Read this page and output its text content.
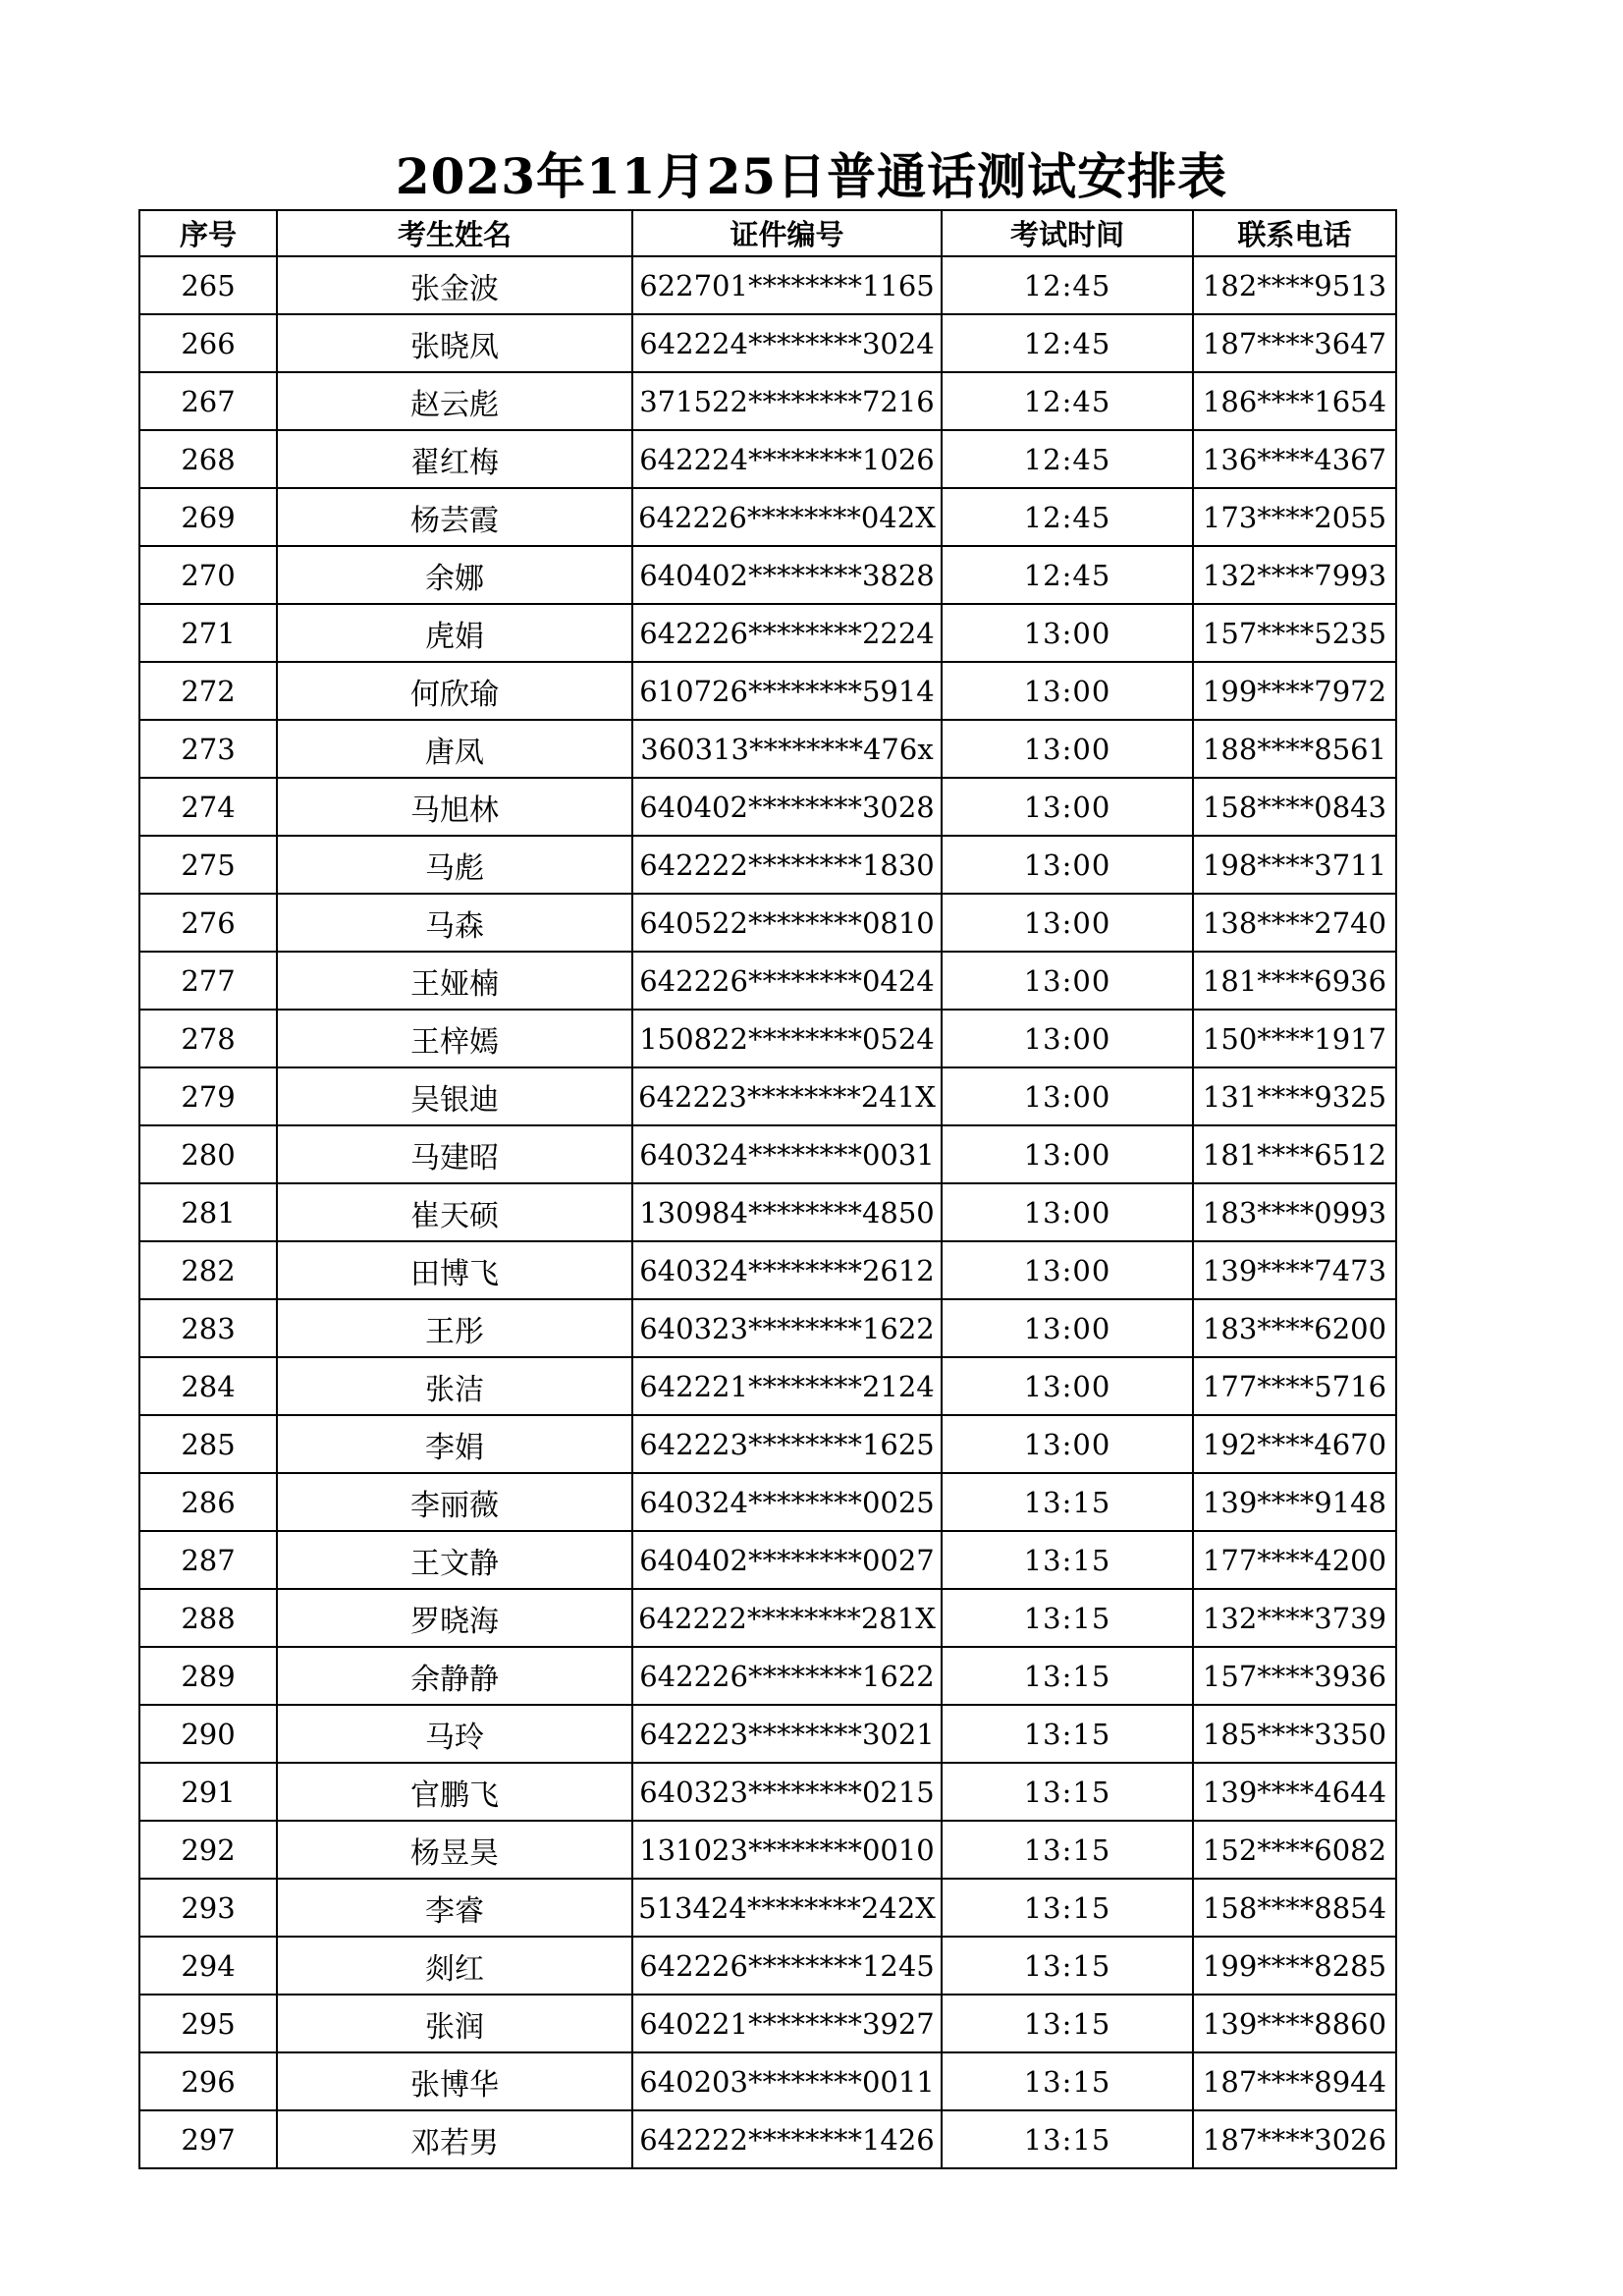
2023年11月25日普通话测试安排表
序号	考生姓名	证件编号	考试时间	联系电话
265	张金波	622701********1165	12:45	182****9513
266	张晓凤	642224********3024	12:45	187****3647
267	赵云彪	371522********7216	12:45	186****1654
268	翟红梅	642224********1026	12:45	136****4367
269	杨芸霞	642226********042X	12:45	173****2055
270	余娜	640402********3828	12:45	132****7993
271	虎娟	642226********2224	13:00	157****5235
272	何欣瑜	610726********5914	13:00	199****7972
273	唐凤	360313********476x	13:00	188****8561
274	马旭林	640402********3028	13:00	158****0843
275	马彪	642222********1830	13:00	198****3711
276	马森	640522********0810	13:00	138****2740
277	王娅楠	642226********0424	13:00	181****6936
278	王梓嫣	150822********0524	13:00	150****1917
279	吴银迪	642223********241X	13:00	131****9325
280	马建昭	640324********0031	13:00	181****6512
281	崔天硕	130984********4850	13:00	183****0993
282	田博飞	640324********2612	13:00	139****7473
283	王彤	640323********1622	13:00	183****6200
284	张洁	642221********2124	13:00	177****5716
285	李娟	642223********1625	13:00	192****4670
286	李丽薇	640324********0025	13:15	139****9148
287	王文静	640402********0027	13:15	177****4200
288	罗晓海	642222********281X	13:15	132****3739
289	余静静	642226********1622	13:15	157****3936
290	马玲	642223********3021	13:15	185****3350
291	官鹏飞	640323********0215	13:15	139****4644
292	杨昱昊	131023********0010	13:15	152****6082
293	李睿	513424********242X	13:15	158****8854
294	剡红	642226********1245	13:15	199****8285
295	张润	640221********3927	13:15	139****8860
296	张博华	640203********0011	13:15	187****8944
297	邓若男	642222********1426	13:15	187****3026
